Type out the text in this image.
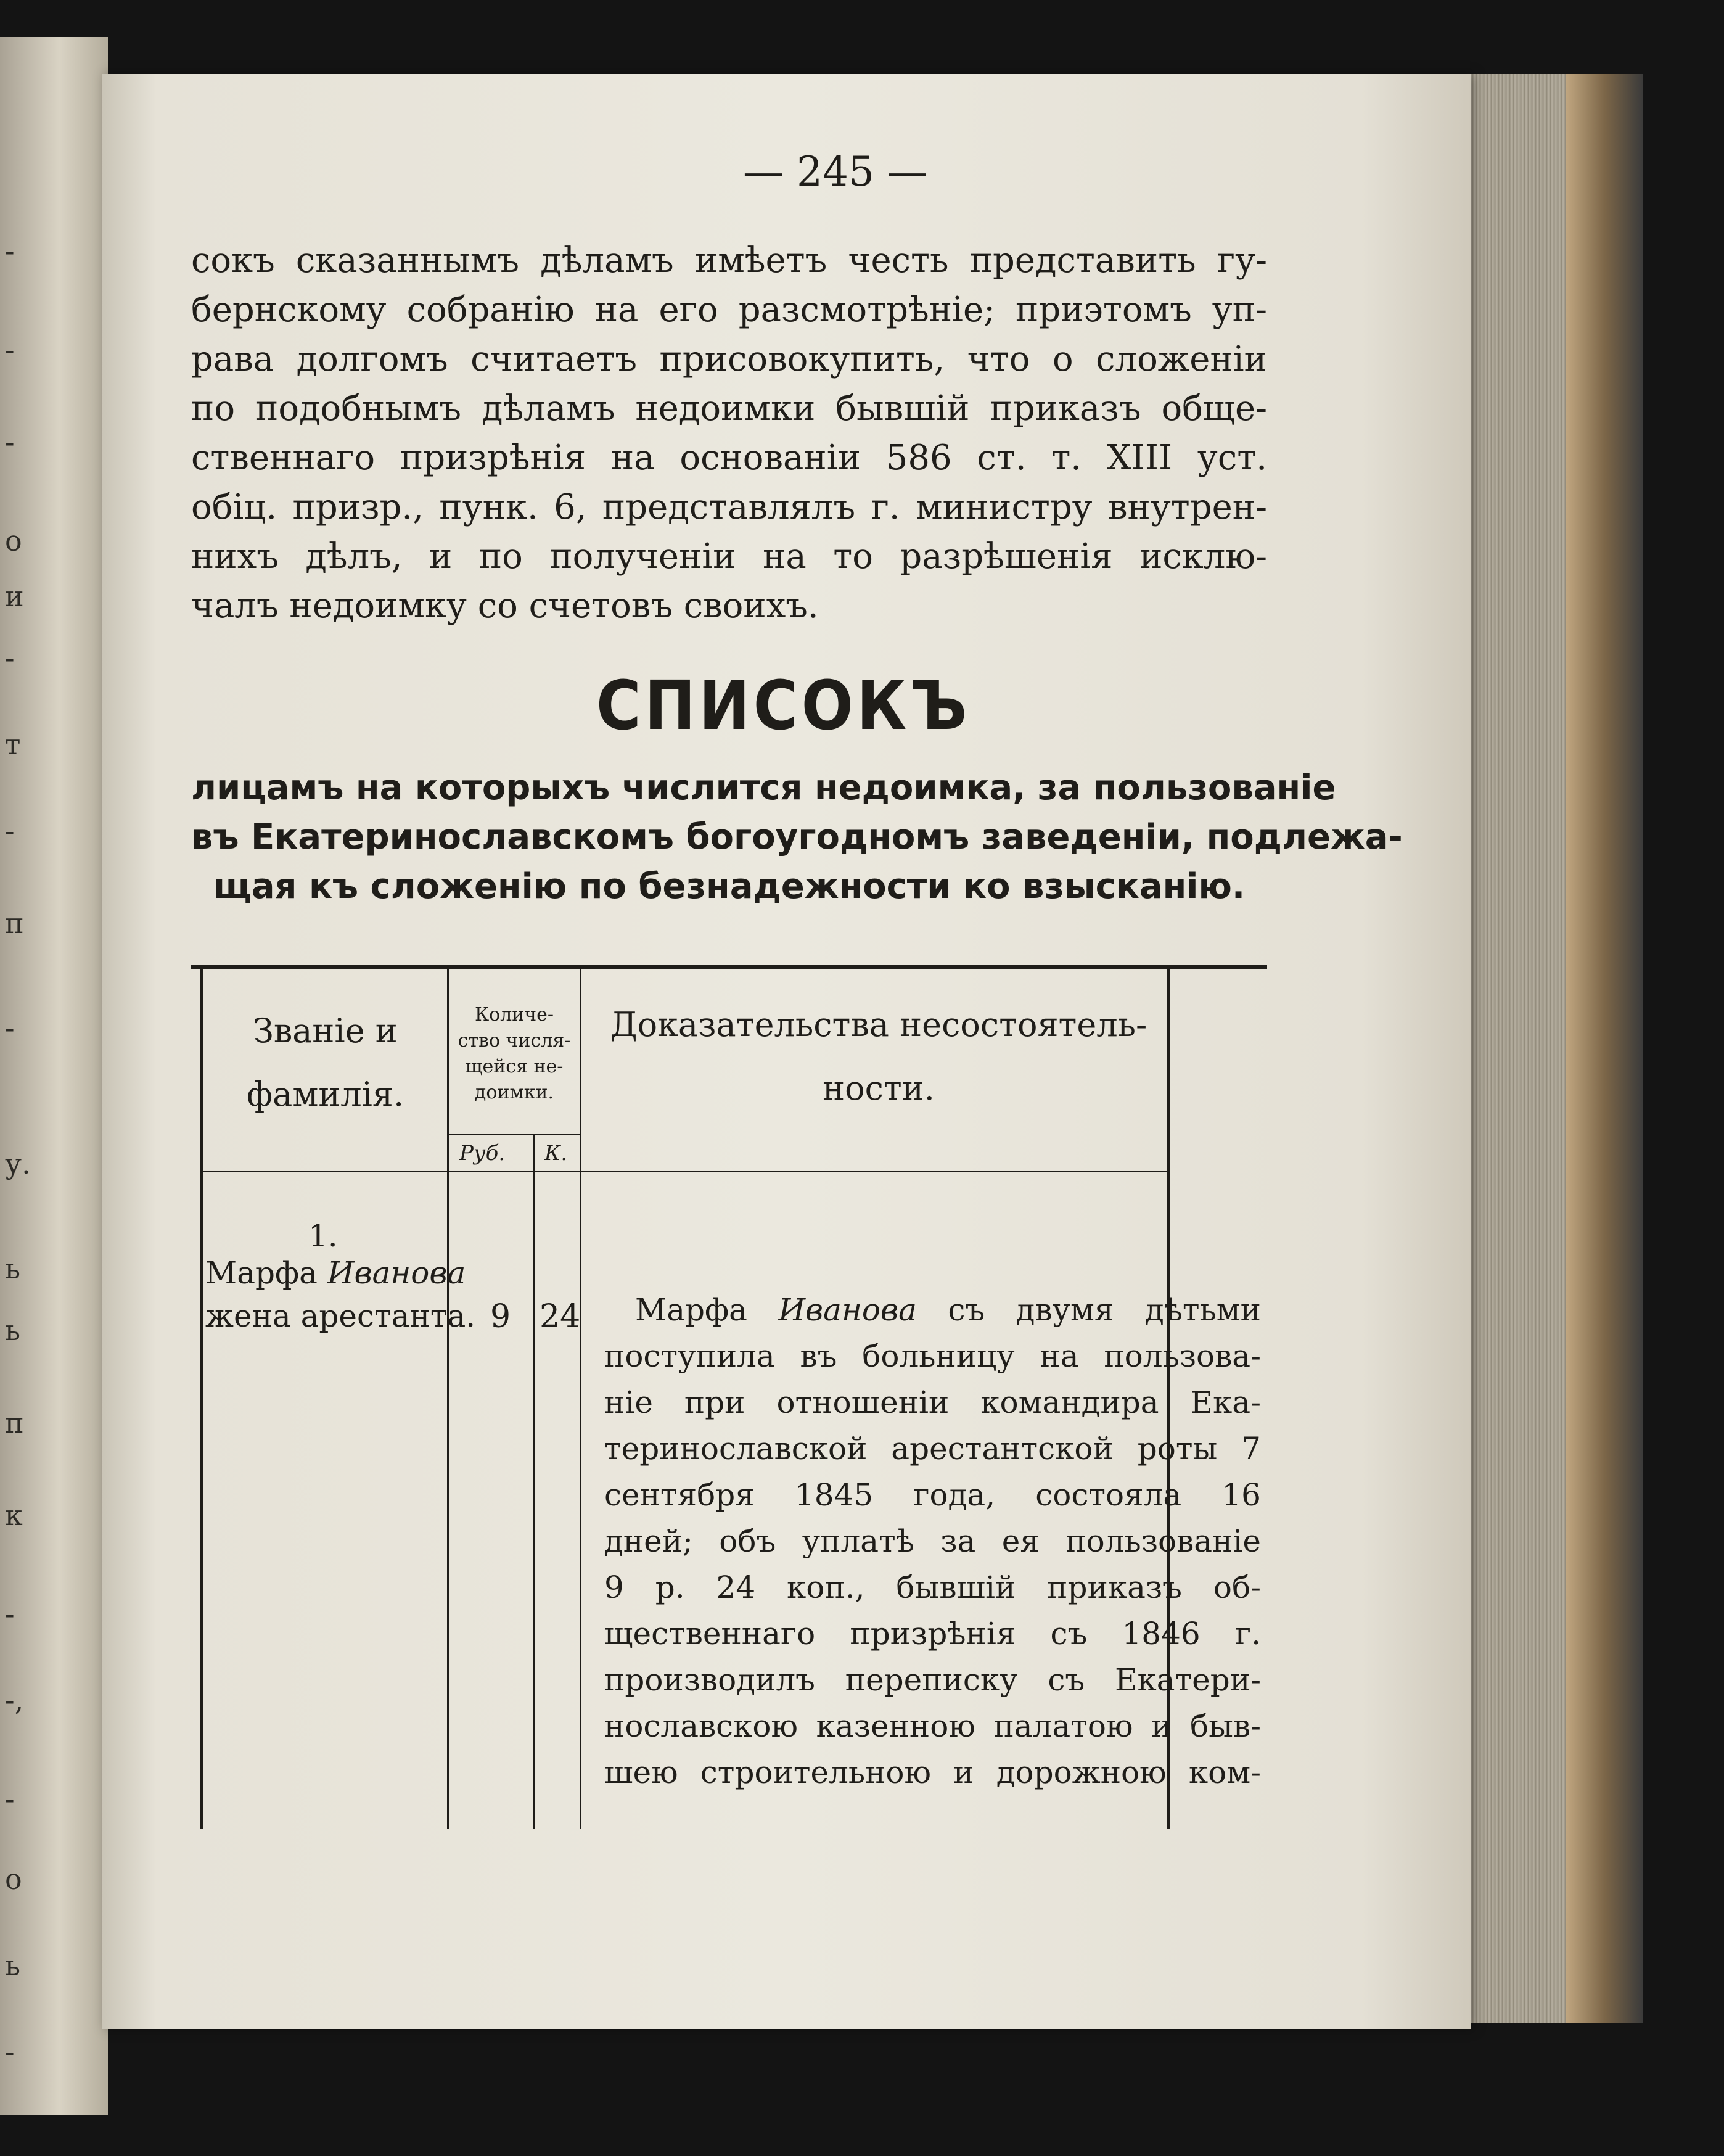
-
-
-
o
и
-
т
-
п
-
у.
ь
ь
п
к
-
-,
-
о
ь
-
— 245 —
сокъ сказаннымъ дѣламъ имѣетъ честь представить гу-
бернскому собранію на его разсмотрѣніе; приэтомъ уп-
рава долгомъ считаетъ присовокупить, что о сложеніи
по подобнымъ дѣламъ недоимки бывшій приказъ обще-
ственнаго призрѣнія на основаніи 586 ст. т. XIII уст.
обіц. призр., пунк. 6, представлялъ г. министру внутрен-
нихъ дѣлъ, и по полученіи на то разрѣшенія исклю-
чалъ недоимку со счетовъ своихъ.
СПИСОКЪ
лицамъ на которыхъ числится недоимка, за пользованіе
въ Екатеринославскомъ богоугодномъ заведеніи, подлежа-
щая къ сложенію по безнадежности ко взысканію.
Званіе и
фамилія.
Количе-
ство числя-
щейся не-
доимки.
Руб. К.
Доказательства несостоятель-
ности.
1.
Марфа Иванова
жена арестанта. 9 24	Марфа Иванова съ двумя дѣтьми
поступила въ больницу на пользова-
ніе при отношеніи командира Ека-
теринославской арестантской роты 7
сентября 1845 года, состояла 16
дней; объ уплатѣ за ея пользованіе
9 р. 24 коп., бывшій приказъ об-
щественнаго призрѣнія съ 1846 г.
производилъ переписку съ Екатери-
нославскою казенною палатою и быв-
шею строительною и дорожною ком-
